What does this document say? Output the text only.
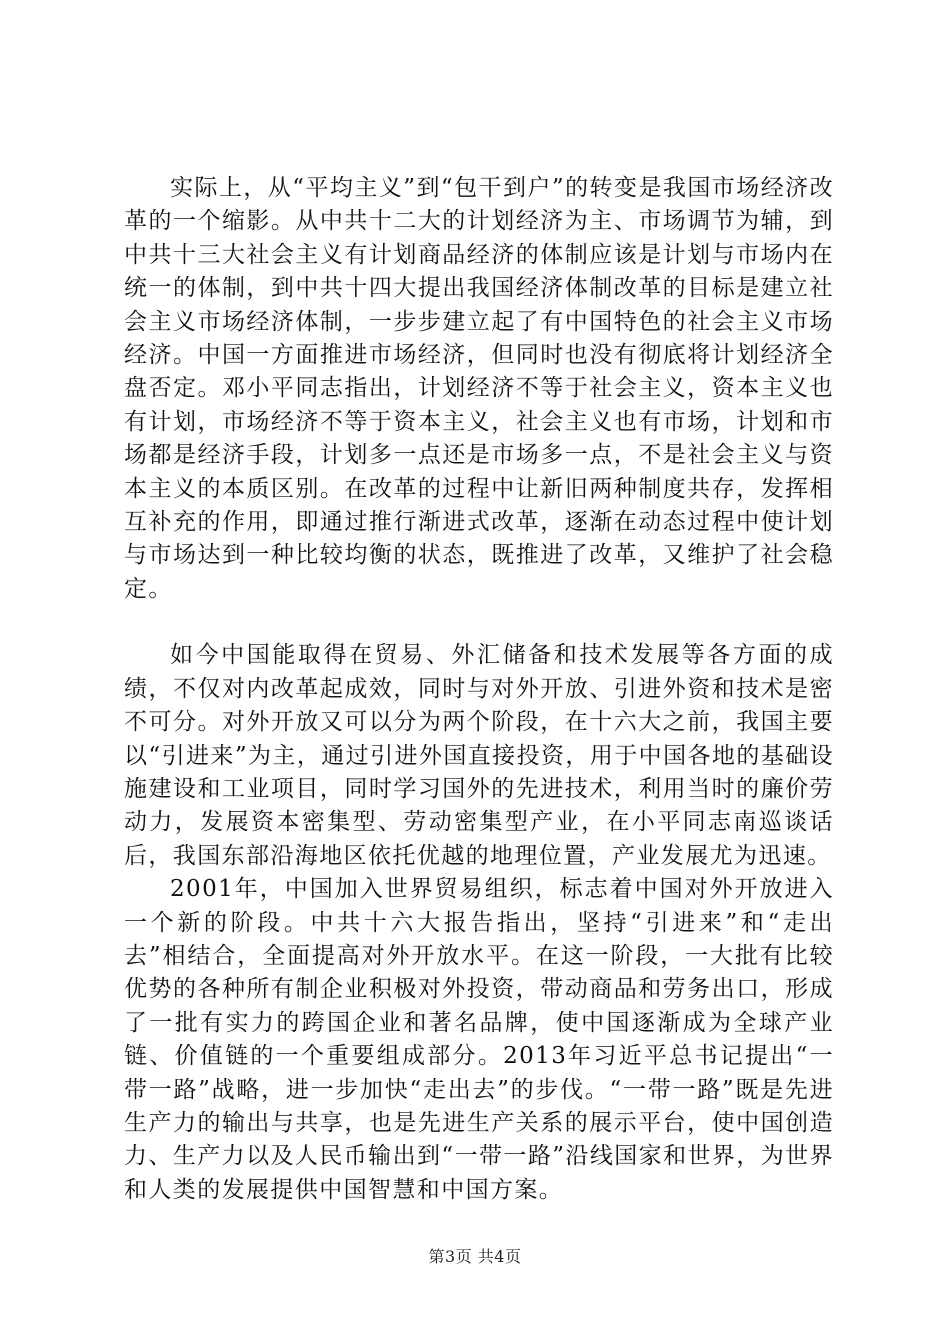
实际上，从“平均主义”到“包干到户”的转变是我国市场经济改革的一个缩影。从中共十二大的计划经济为主、市场调节为辅，到中共十三大社会主义有计划商品经济的体制应该是计划与市场内在统一的体制，到中共十四大提出我国经济体制改革的目标是建立社会主义市场经济体制，一步步建立起了有中国特色的社会主义市场经济。中国一方面推进市场经济，但同时也没有彻底将计划经济全盘否定。邓小平同志指出，计划经济不等于社会主义，资本主义也有计划，市场经济不等于资本主义，社会主义也有市场，计划和市场都是经济手段，计划多一点还是市场多一点，不是社会主义与资本主义的本质区别。在改革的过程中让新旧两种制度共存，发挥相互补充的作用，即通过推行渐进式改革，逐渐在动态过程中使计划与市场达到一种比较均衡的状态，既推进了改革，又维护了社会稳定。

如今中国能取得在贸易、外汇储备和技术发展等各方面的成绩，不仅对内改革起成效，同时与对外开放、引进外资和技术是密不可分。对外开放又可以分为两个阶段，在十六大之前，我国主要以“引进来”为主，通过引进外国直接投资，用于中国各地的基础设施建设和工业项目，同时学习国外的先进技术，利用当时的廉价劳动力，发展资本密集型、劳动密集型产业，在小平同志南巡谈话后，我国东部沿海地区依托优越的地理位置，产业发展尤为迅速。

2001年，中国加入世界贸易组织，标志着中国对外开放进入一个新的阶段。中共十六大报告指出，坚持“引进来”和“走出去”相结合，全面提高对外开放水平。在这一阶段，一大批有比较优势的各种所有制企业积极对外投资，带动商品和劳务出口，形成了一批有实力的跨国企业和著名品牌，使中国逐渐成为全球产业链、价值链的一个重要组成部分。2013年习近平总书记提出“一带一路”战略，进一步加快“走出去”的步伐。“一带一路”既是先进生产力的输出与共享，也是先进生产关系的展示平台，使中国创造力、生产力以及人民币输出到“一带一路”沿线国家和世界，为世界和人类的发展提供中国智慧和中国方案。

第3页 共4页
